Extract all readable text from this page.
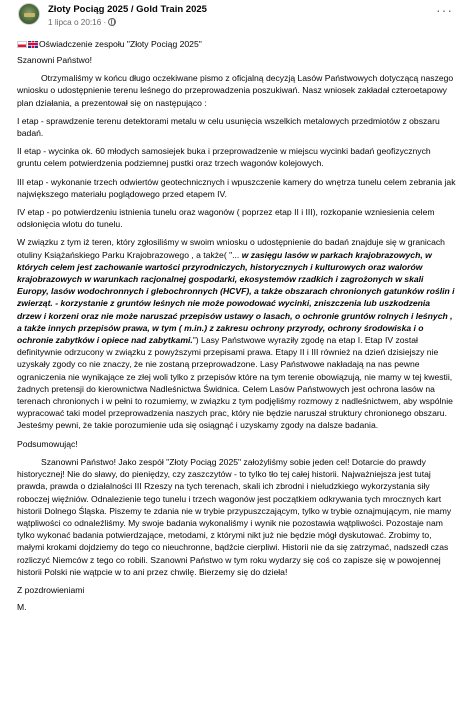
Złoty Pociąg 2025 / Gold Train 2025
1 lipca o 20:16 ·
···
Oświadczenie zespołu "Złoty Pociąg 2025"

Szanowni Państwo!

Otrzymaliśmy w końcu długo oczekiwane pismo z oficjalną decyzją Lasów Państwowych dotyczącą naszego wniosku o udostępnienie terenu leśnego do przeprowadzenia poszukiwań. Nasz wniosek zakładał czteroetapowy plan działania, a prezentował się on następująco :

I etap - sprawdzenie terenu detektorami metalu w celu usunięcia wszelkich metalowych przedmiotów z obszaru badań.

II etap - wycinka ok. 60 młodych samosiejek buka i przeprowadzenie w miejscu wycinki badań geofizycznych gruntu celem potwierdzenia podziemnej pustki oraz trzech wagonów kolejowych.

III etap - wykonanie trzech odwiertów geotechnicznych i wpuszczenie kamery do wnętrza tunelu celem zebrania jak największego materiału poglądowego przed etapem IV.

IV etap - po potwierdzeniu istnienia tunelu oraz wagonów ( poprzez etap II i III), rozkopanie wzniesienia celem odsłonięcia wlotu do tunelu.

W związku z tym iż teren, który zgłosiliśmy w swoim wniosku o udostępnienie do badań znajduje się w granicach otuliny Książańskiego Parku Krajobrazowego , a także( "... w zasięgu lasów w parkach krajobrazowych, w których celem jest zachowanie wartości przyrodniczych, historycznych i kulturowych oraz walorów krajobrazowych w warunkach racjonalnej gospodarki, ekosystemów rzadkich i zagrożonych w skali Europy, lasów wodochronnych i glebochronnych (HCVF), a także obszarach chronionych gatunków roślin i zwierząt. - korzystanie z gruntów leśnych nie może powodować wycinki, zniszczenia lub uszkodzenia drzew i korzeni oraz nie może naruszać przepisów ustawy o lasach, o ochronie gruntów rolnych i leśnych , a także innych przepisów prawa, w tym ( m.in.) z zakresu ochrony przyrody, ochrony środowiska i o ochronie zabytków i opiece nad zabytkami.") Lasy Państwowe wyraziły zgodę na etap I. Etap IV został definitywnie odrzucony w związku z powyższymi przepisami prawa. Etapy II i III również na dzień dzisiejszy nie uzyskały zgody co nie znaczy, że nie zostaną przeprowadzone. Lasy Państwowe nakładają na nas pewne ograniczenia nie wynikające ze złej woli tylko z przepisów które na tym terenie obowiązują, nie mamy w tej kwestii, żadnych pretensji do kierownictwa Nadleśnictwa Świdnica. Celem Lasów Państwowych jest ochrona lasów na terenach chronionych i w pełni to rozumiemy, w związku z tym podjęliśmy rozmowy z nadleśnictwem, aby wspólnie wypracować taki model przeprowadzenia naszych prac, który nie będzie naruszał struktury chronionego obszaru. Jesteśmy pewni, że takie porozumienie uda się osiągnąć i uzyskamy zgody na dalsze badania.

Podsumowując!

Szanowni Państwo! Jako zespół "Złoty Pociąg 2025" założyliśmy sobie jeden cel! Dotarcie do prawdy historycznej! Nie do sławy, do pieniędzy, czy zaszczytów - to tylko tło tej całej historii. Najważniejsza jest tutaj prawda, prawda o działalności III Rzeszy na tych terenach, skali ich zbrodni i nieludzkiego wykorzystania siły roboczej więźniów. Odnalezienie tego tunelu i trzech wagonów jest początkiem odkrywania tych mrocznych kart historii Dolnego Śląska. Piszemy te zdania nie w trybie przypuszczającym, tylko w trybie oznajmującym, nie mamy wątpliwości co odnaleźliśmy. My swoje badania wykonaliśmy i wynik nie pozostawia wątpliwości. Pozostaje nam tylko wykonać badania potwierdzające, metodami, z którymi nikt już nie będzie mógł dyskutować. Zrobimy to, małymi krokami dojdziemy do tego co nieuchronne, bądźcie cierpliwi. Historii nie da się zatrzymać, nadszedł czas rozliczyć Niemców z tego co robili. Szanowni Państwo w tym roku wydarzy się coś co zapisze się w powojennej historii Polski nie wątpcie w to ani przez chwilę. Bierzemy się do dzieła!

Z pozdrowieniami

M.
